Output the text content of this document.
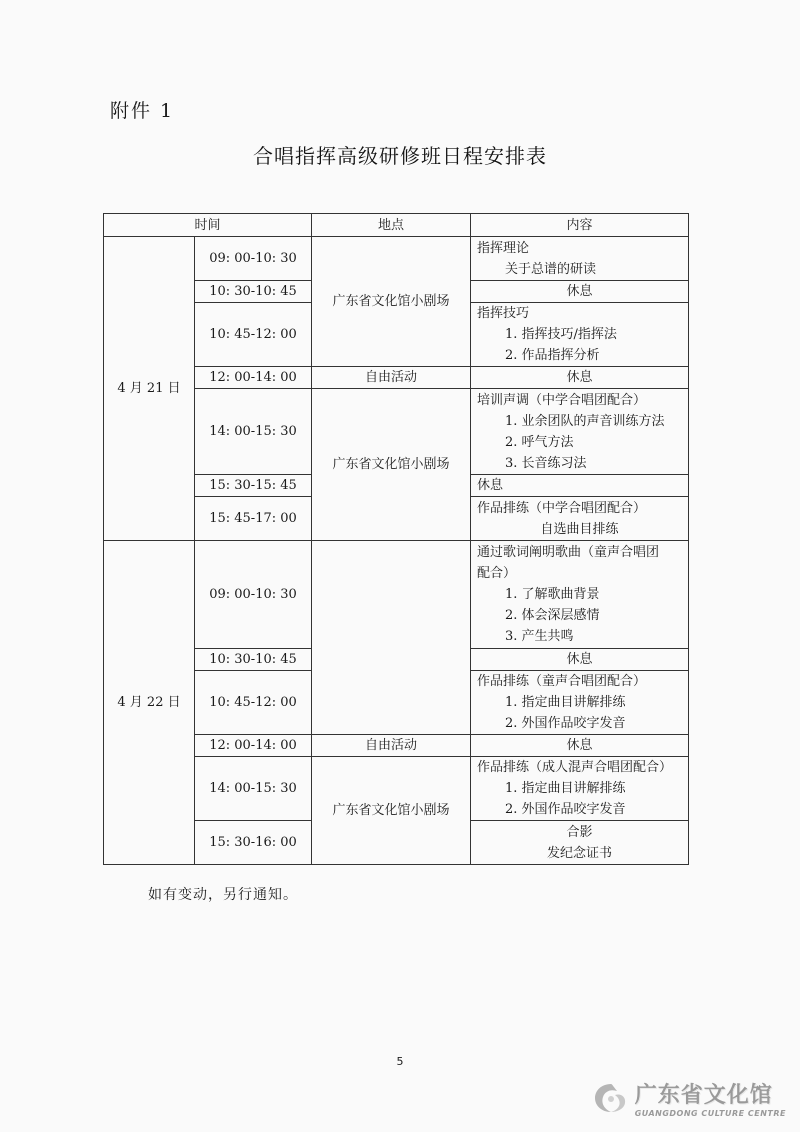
附件 1
合唱指挥高级研修班日程安排表
时间		地点	内容
4 月 21 日	09: 00-10: 30	广东省文化馆小剧场	指挥理论
关于总谱的研读

	10: 30-10: 45		休息
	10: 45-12: 00		指挥技巧
1. 指挥技巧/指挥法
2. 作品指挥分析

	12: 00-14: 00	自由活动	休息
	14: 00-15: 30	广东省文化馆小剧场	培训声调（中学合唱团配合）
1. 业余团队的声音训练方法
2. 呼气方法
3. 长音练习法

	15: 30-15: 45		休息
	15: 45-17: 00		作品排练（中学合唱团配合）
自选曲目排练

4 月 22 日	09: 00-10: 30		通过歌词阐明歌曲（童声合唱团
配合）
1. 了解歌曲背景
2. 体会深层感情
3. 产生共鸣

	10: 30-10: 45		休息
	10: 45-12: 00		作品排练（童声合唱团配合）
1. 指定曲目讲解排练
2. 外国作品咬字发音

	12: 00-14: 00	自由活动	休息
	14: 00-15: 30	广东省文化馆小剧场	作品排练（成人混声合唱团配合）
1. 指定曲目讲解排练
2. 外国作品咬字发音

	15: 30-16: 00		合影
发纪念证书
如有变动，另行通知。
5
广东省文化馆
GUANGDONG CULTURE CENTRE
